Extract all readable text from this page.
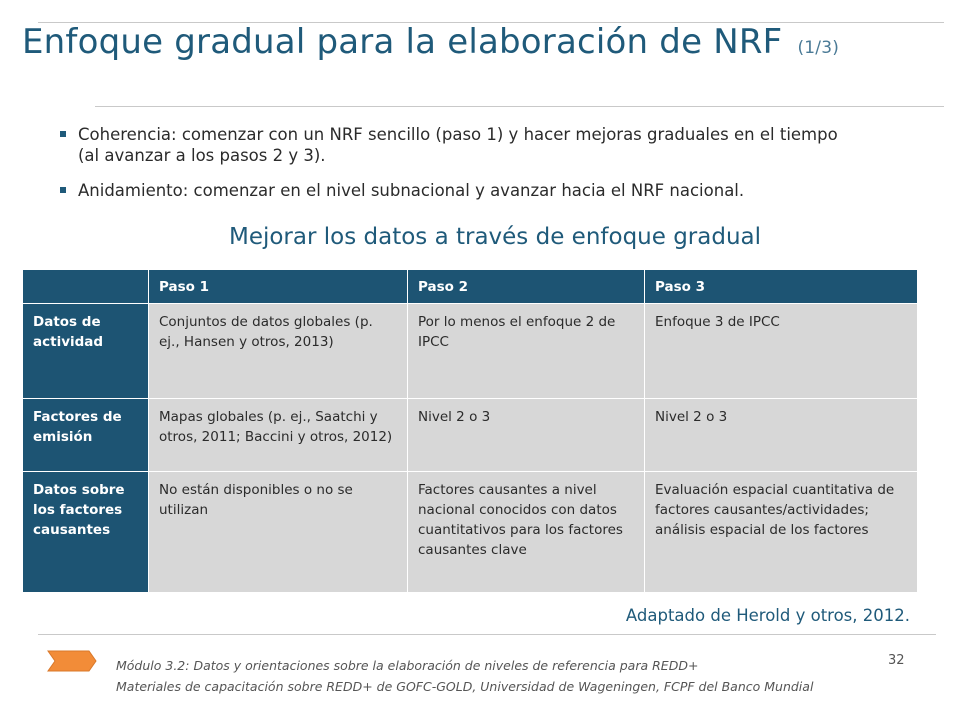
Enfoque gradual para la elaboración de NRF (1/3)
Coherencia: comenzar con un NRF sencillo (paso 1) y hacer mejoras graduales en el tiempo (al avanzar a los pasos 2 y 3).
Anidamiento: comenzar en el nivel subnacional y avanzar hacia el NRF nacional.
Mejorar los datos a través de enfoque gradual
	Paso 1	Paso 2	Paso 3
Datos de actividad	Conjuntos de datos globales (p. ej., Hansen y otros, 2013)	Por lo menos el enfoque 2 de IPCC	Enfoque 3 de IPCC
Factores de emisión	Mapas globales (p. ej., Saatchi y otros, 2011; Baccini y otros, 2012)	Nivel 2 o 3	Nivel 2 o 3
Datos sobre los factores causantes	No están disponibles o no se utilizan	Factores causantes a nivel nacional conocidos con datos cuantitativos para los factores causantes clave	Evaluación espacial cuantitativa de factores causantes/actividades; análisis espacial de los factores
Adaptado de Herold y otros, 2012.
Módulo 3.2: Datos y orientaciones sobre la elaboración de niveles de referencia para REDD+
Materiales de capacitación sobre REDD+ de GOFC-GOLD, Universidad de Wageningen, FCPF del Banco Mundial
32
